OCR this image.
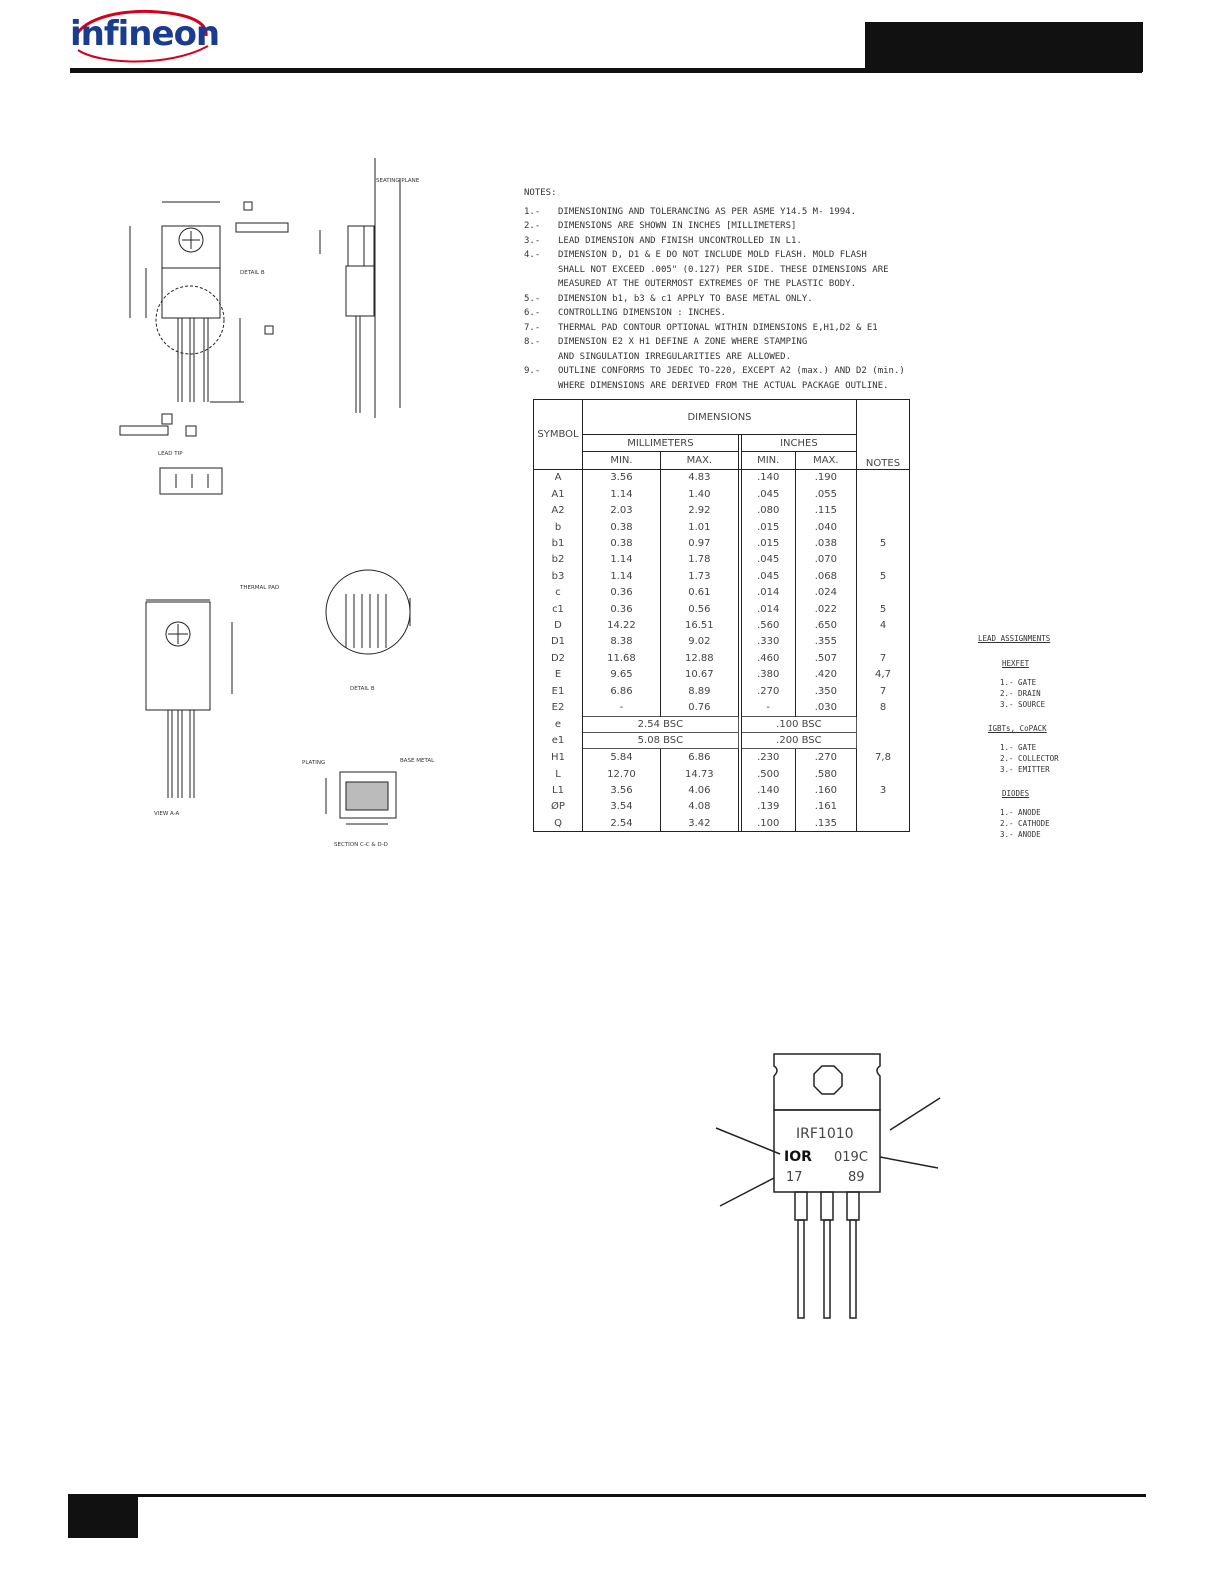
infineon
SEATING PLANE
DETAIL B
THERMAL PAD
LEAD TIP
VIEW A-A
DETAIL B
PLATING	BASE METAL
SECTION C-C & D-D
NOTES:
1.-	DIMENSIONING AND TOLERANCING AS PER ASME Y14.5 M- 1994.
2.-	DIMENSIONS ARE SHOWN IN INCHES [MILLIMETERS]
3.-	LEAD DIMENSION AND FINISH UNCONTROLLED IN L1.
4.-	DIMENSION D, D1 & E DO NOT INCLUDE MOLD FLASH. MOLD FLASH
SHALL NOT EXCEED .005" (0.127) PER SIDE. THESE DIMENSIONS ARE
MEASURED AT THE OUTERMOST EXTREMES OF THE PLASTIC BODY.
5.-	DIMENSION b1, b3 & c1 APPLY TO BASE METAL ONLY.
6.-	CONTROLLING DIMENSION : INCHES.
7.-	THERMAL PAD CONTOUR OPTIONAL WITHIN DIMENSIONS E,H1,D2 & E1
8.-	DIMENSION E2 X H1 DEFINE A ZONE WHERE STAMPING
AND SINGULATION IRREGULARITIES ARE ALLOWED.
9.-	OUTLINE CONFORMS TO JEDEC TO-220, EXCEPT A2 (max.) AND D2 (min.)
WHERE DIMENSIONS ARE DERIVED FROM THE ACTUAL PACKAGE OUTLINE.
SYMBOL	DIMENSIONS					NOTES
	MILLIMETERS			INCHES		
	MIN.	MAX.		MIN.	MAX.	
A	3.56	4.83		.140	.190	
A1	1.14	1.40		.045	.055	
A2	2.03	2.92		.080	.115	
b	0.38	1.01		.015	.040	
b1	0.38	0.97		.015	.038	5
b2	1.14	1.78		.045	.070	
b3	1.14	1.73		.045	.068	5
c	0.36	0.61		.014	.024	
c1	0.36	0.56		.014	.022	5
D	14.22	16.51		.560	.650	4
D1	8.38	9.02		.330	.355	
D2	11.68	12.88		.460	.507	7
E	9.65	10.67		.380	.420	4,7
E1	6.86	8.89		.270	.350	7
E2	-	0.76		-	.030	8
e	2.54 BSC			.100 BSC		
e1	5.08 BSC			.200 BSC		
H1	5.84	6.86		.230	.270	7,8
L	12.70	14.73		.500	.580	
L1	3.56	4.06		.140	.160	3
ØP	3.54	4.08		.139	.161	
Q	2.54	3.42		.100	.135	
LEAD ASSIGNMENTS
HEXFET
1.- GATE
2.- DRAIN
3.- SOURCE
IGBTs, CoPACK
1.- GATE
2.- COLLECTOR
3.- EMITTER
DIODES
1.- ANODE
2.- CATHODE
3.- ANODE
IRF1010
IOR 019C
17	89
